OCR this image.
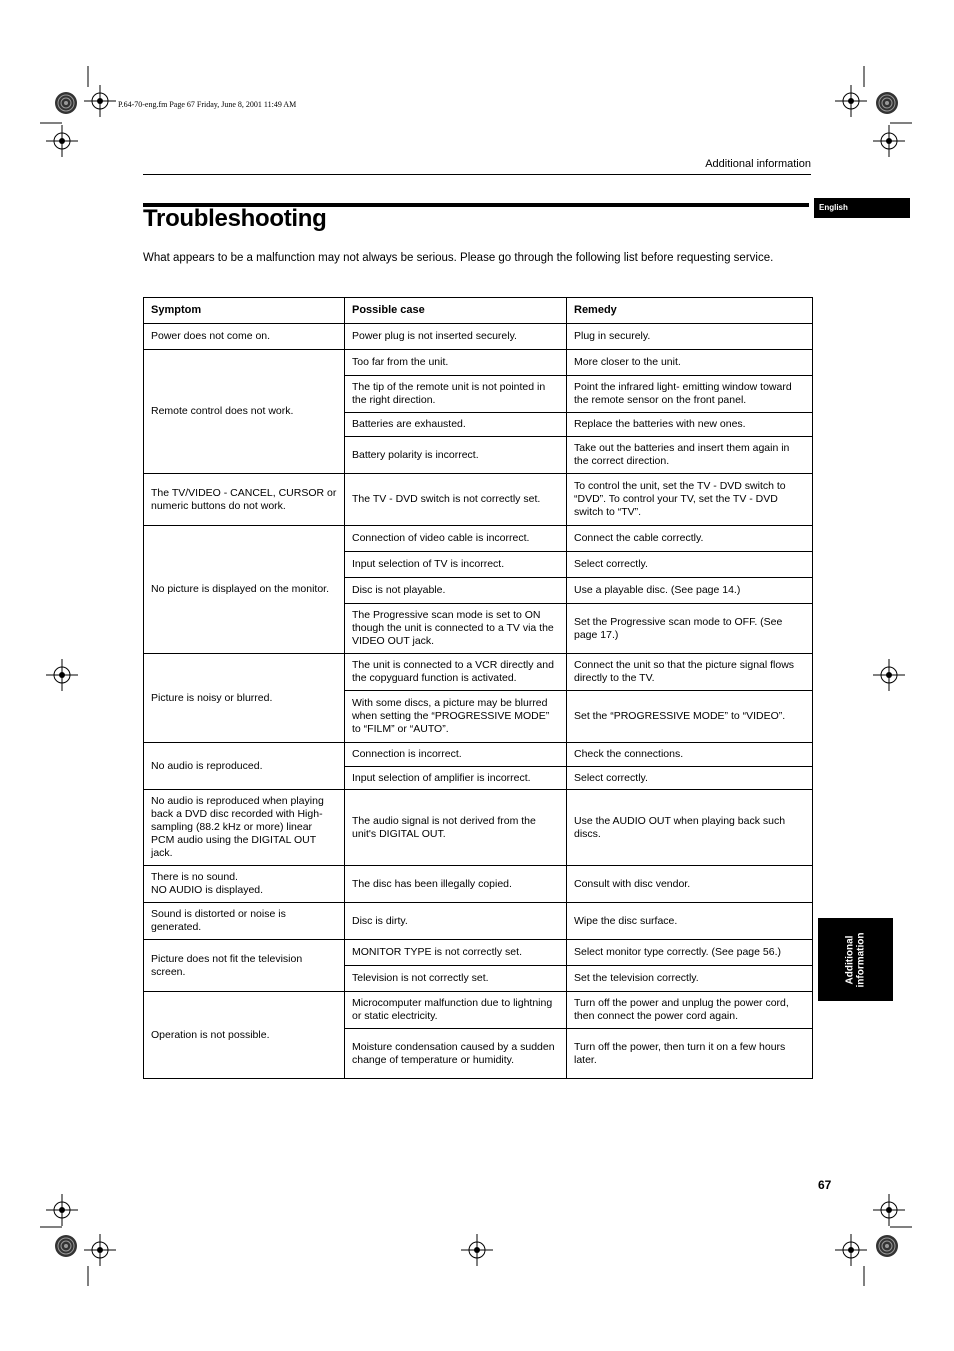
P.64-70-eng.fm Page 67 Friday, June 8, 2001 11:49 AM
Additional information
English
Troubleshooting

What appears to be a malfunction may not always be serious. Please go through the following list before requesting service.

Symptom	Possible case	Remedy

Power does not come on.	Power plug is not inserted securely.	Plug in securely.

Remote control does not work.	Too far from the unit.	More closer to the unit.

	The tip of the remote unit is not pointed in the right direction.	Point the infrared light- emitting window toward the remote sensor on the front panel.

	Batteries are exhausted.	Replace the batteries with new ones.

	Battery polarity is incorrect.	Take out the batteries and insert them again in the correct direction.

The TV/VIDEO - CANCEL, CURSOR or numeric buttons do not work.	The TV - DVD switch is not correctly set.	To control the unit, set the TV - DVD switch to “DVD”. To control your TV, set the TV - DVD switch to “TV”.

No picture is displayed on the monitor.	Connection of video cable is incorrect.	Connect the cable correctly.

	Input selection of TV is incorrect.	Select correctly.

	Disc is not playable.	Use a playable disc. (See page 14.)

	The Progressive scan mode is set to ON though the unit is connected to a TV via the VIDEO OUT jack.	Set the Progressive scan mode to OFF. (See page 17.)

Picture is noisy or blurred.	The unit is connected to a VCR directly and the copyguard function is activated.	Connect the unit so that the picture signal flows directly to the TV.

	With some discs, a picture may be blurred when setting the “PROGRESSIVE MODE” to “FILM” or “AUTO”.	Set the “PROGRESSIVE MODE” to “VIDEO”.

No audio is reproduced.	Connection is incorrect.	Check the connections.

	Input selection of amplifier is incorrect.	Select correctly.

No audio is reproduced when playing back a DVD disc recorded with High-sampling (88.2 kHz or more) linear PCM audio using the DIGITAL OUT jack.	The audio signal is not derived from the unit's DIGITAL OUT.	Use the AUDIO OUT when playing back such discs.

There is no sound.
NO AUDIO is displayed.	The disc has been illegally copied.	Consult with disc vendor.

Sound is distorted or noise is generated.	Disc is dirty.	Wipe the disc surface.

Picture does not fit the television screen.	MONITOR TYPE is not correctly set.	Select monitor type correctly. (See page 56.)

	Television is not correctly set.	Set the television correctly.

Operation is not possible.	Microcomputer malfunction due to lightning or static electricity.	Turn off the power and unplug the power cord, then connect the power cord again.

	Moisture condensation caused by a sudden change of temperature or humidity.	Turn off the power, then turn it on a few hours later.
Additional
information
67
